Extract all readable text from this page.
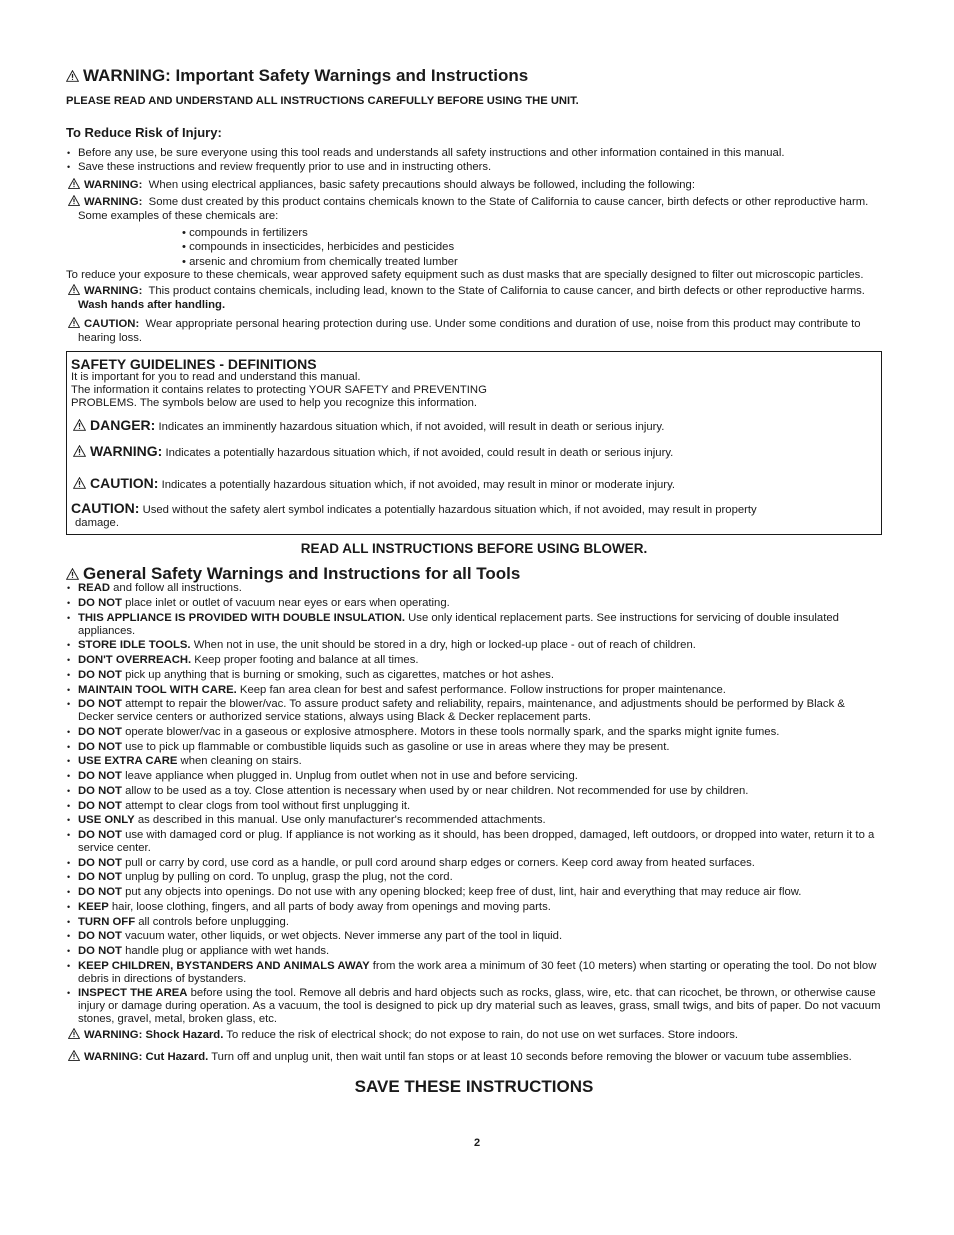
WARNING: Important Safety Warnings and Instructions
PLEASE READ AND UNDERSTAND ALL INSTRUCTIONS CAREFULLY BEFORE USING THE UNIT.
To Reduce Risk of Injury:
• Before any use, be sure everyone using this tool reads and understands all safety instructions and other information contained in this manual.
• Save these instructions and review frequently prior to use and in instructing others.

WARNING: When using electrical appliances, basic safety precautions should always be followed, including the following:

WARNING: Some dust created by this product contains chemicals known to the State of California to cause cancer, birth defects or other reproductive harm. Some examples of these chemicals are:

• compounds in fertilizers
• compounds in insecticides, herbicides and pesticides
• arsenic and chromium from chemically treated lumber

To reduce your exposure to these chemicals, wear approved safety equipment such as dust masks that are specially designed to filter out microscopic particles.

WARNING: This product contains chemicals, including lead, known to the State of California to cause cancer, and birth defects or other reproductive harms. Wash hands after handling.

CAUTION: Wear appropriate personal hearing protection during use. Under some conditions and duration of use, noise from this product may contribute to hearing loss.

SAFETY GUIDELINES - DEFINITIONS
It is important for you to read and understand this manual.
The information it contains relates to protecting YOUR SAFETY and PREVENTING
PROBLEMS. The symbols below are used to help you recognize this information.
DANGER: Indicates an imminently hazardous situation which, if not avoided, will result in death or serious injury.
WARNING: Indicates a potentially hazardous situation which, if not avoided, could result in death or serious injury.
CAUTION: Indicates a potentially hazardous situation which, if not avoided, may result in minor or moderate injury.
CAUTION: Used without the safety alert symbol indicates a potentially hazardous situation which, if not avoided, may result in property
damage.
READ ALL INSTRUCTIONS BEFORE USING BLOWER.
General Safety Warnings and Instructions for all Tools
• READ and follow all instructions.
• DO NOT place inlet or outlet of vacuum near eyes or ears when operating.
• THIS APPLIANCE IS PROVIDED WITH DOUBLE INSULATION. Use only identical replacement parts. See instructions for servicing of double insulated appliances.
• STORE IDLE TOOLS. When not in use, the unit should be stored in a dry, high or locked-up place - out of reach of children.
• DON'T OVERREACH. Keep proper footing and balance at all times.
• DO NOT pick up anything that is burning or smoking, such as cigarettes, matches or hot ashes.
• MAINTAIN TOOL WITH CARE. Keep fan area clean for best and safest performance. Follow instructions for proper maintenance.
• DO NOT attempt to repair the blower/vac. To assure product safety and reliability, repairs, maintenance, and adjustments should be performed by Black & Decker service centers or authorized service stations, always using Black & Decker replacement parts.
• DO NOT operate blower/vac in a gaseous or explosive atmosphere. Motors in these tools normally spark, and the sparks might ignite fumes.
• DO NOT use to pick up flammable or combustible liquids such as gasoline or use in areas where they may be present.
• USE EXTRA CARE when cleaning on stairs.
• DO NOT leave appliance when plugged in. Unplug from outlet when not in use and before servicing.
• DO NOT allow to be used as a toy. Close attention is necessary when used by or near children. Not recommended for use by children.
• DO NOT attempt to clear clogs from tool without first unplugging it.
• USE ONLY as described in this manual. Use only manufacturer's recommended attachments.
• DO NOT use with damaged cord or plug. If appliance is not working as it should, has been dropped, damaged, left outdoors, or dropped into water, return it to a service center.
• DO NOT pull or carry by cord, use cord as a handle, or pull cord around sharp edges or corners. Keep cord away from heated surfaces.
• DO NOT unplug by pulling on cord. To unplug, grasp the plug, not the cord.
• DO NOT put any objects into openings. Do not use with any opening blocked; keep free of dust, lint, hair and everything that may reduce air flow.
• KEEP hair, loose clothing, fingers, and all parts of body away from openings and moving parts.
• TURN OFF all controls before unplugging.
• DO NOT vacuum water, other liquids, or wet objects. Never immerse any part of the tool in liquid.
• DO NOT handle plug or appliance with wet hands.
• KEEP CHILDREN, BYSTANDERS AND ANIMALS AWAY from the work area a minimum of 30 feet (10 meters) when starting or operating the tool. Do not blow debris in directions of bystanders.
• INSPECT THE AREA before using the tool. Remove all debris and hard objects such as rocks, glass, wire, etc. that can ricochet, be thrown, or otherwise cause injury or damage during operation. As a vacuum, the tool is designed to pick up dry material such as leaves, grass, small twigs, and bits of paper. Do not vacuum stones, gravel, metal, broken glass, etc.

WARNING: Shock Hazard. To reduce the risk of electrical shock; do not expose to rain, do not use on wet surfaces. Store indoors.

WARNING: Cut Hazard. Turn off and unplug unit, then wait until fan stops or at least 10 seconds before removing the blower or vacuum tube assemblies.

SAVE THESE INSTRUCTIONS
2
